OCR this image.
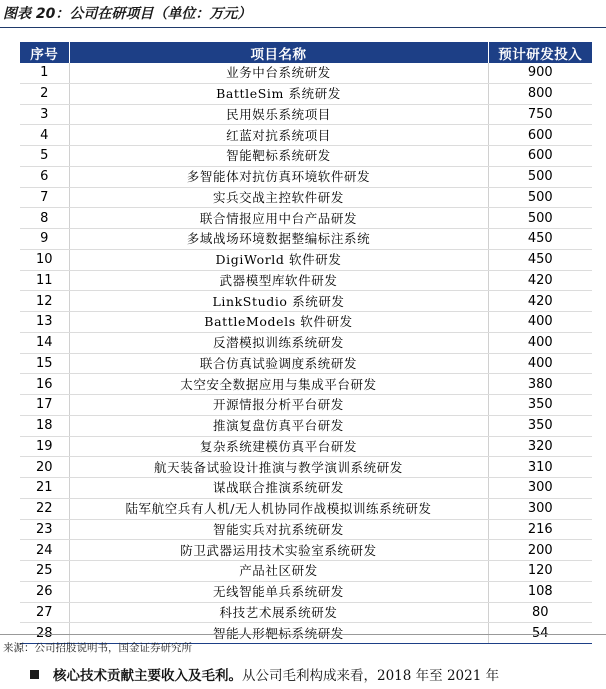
图表 20：公司在研项目（单位：万元）
序号	项目名称	预计研发投入
1	业务中台系统研发	900
2	BattleSim 系统研发	800
3	民用娱乐系统项目	750
4	红蓝对抗系统项目	600
5	智能靶标系统研发	600
6	多智能体对抗仿真环境软件研发	500
7	实兵交战主控软件研发	500
8	联合情报应用中台产品研发	500
9	多域战场环境数据整编标注系统	450
10	DigiWorld 软件研发	450
11	武器模型库软件研发	420
12	LinkStudio 系统研发	420
13	BattleModels 软件研发	400
14	反潜模拟训练系统研发	400
15	联合仿真试验调度系统研发	400
16	太空安全数据应用与集成平台研发	380
17	开源情报分析平台研发	350
18	推演复盘仿真平台研发	350
19	复杂系统建模仿真平台研发	320
20	航天装备试验设计推演与教学演训系统研发	310
21	谋战联合推演系统研发	300
22	陆军航空兵有人机/无人机协同作战模拟训练系统研发	300
23	智能实兵对抗系统研发	216
24	防卫武器运用技术实验室系统研发	200
25	产品社区研发	120
26	无线智能单兵系统研发	108
27	科技艺术展系统研发	80
28	智能人形靶标系统研发	54
来源：公司招股说明书，国金证券研究所
核心技术贡献主要收入及毛利。从公司毛利构成来看，2018 年至 2021 年
